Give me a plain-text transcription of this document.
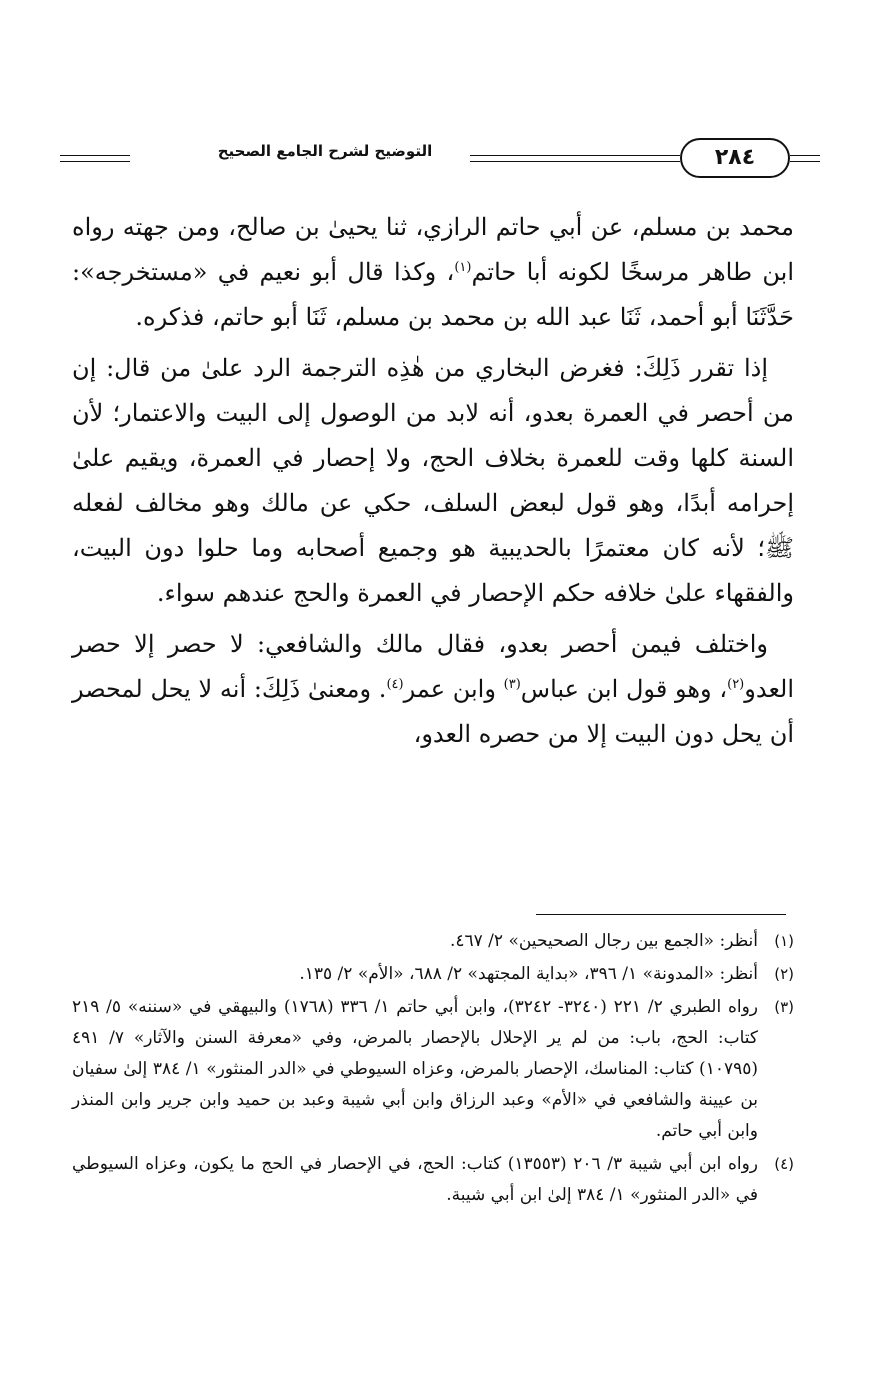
التوضيح لشرح الجامع الصحيح	٢٨٤

محمد بن مسلم، عن أبي حاتم الرازي، ثنا يحيىٰ بن صالح، ومن جهته رواه ابن طاهر مرسخًا لكونه أبا حاتم$^{(١)}$، وكذا قال أبو نعيم في «مستخرجه»: حَدَّثَنَا أبو أحمد، ثَنَا عبد الله بن محمد بن مسلم، ثَنَا أبو حاتم، فذكره.

إذا تقرر ذَلِكَ: فغرض البخاري من هٰذِه الترجمة الرد علىٰ من قال: إن من أحصر في العمرة بعدو، أنه لابد من الوصول إلى البيت والاعتمار؛ لأن السنة كلها وقت للعمرة بخلاف الحج، ولا إحصار في العمرة، ويقيم علىٰ إحرامه أبدًا، وهو قول لبعض السلف، حكي عن مالك وهو مخالف لفعله ﷺ؛ لأنه كان معتمرًا بالحديبية هو وجميع أصحابه وما حلوا دون البيت، والفقهاء علىٰ خلافه حكم الإحصار في العمرة والحج عندهم سواء.

واختلف فيمن أحصر بعدو، فقال مالك والشافعي: لا حصر إلا حصر العدو$^{(٢)}$، وهو قول ابن عباس$^{(٣)}$ وابن عمر$^{(٤)}$. ومعنىٰ ذَلِكَ: أنه لا يحل لمحصر أن يحل دون البيت إلا من حصره العدو،

(١)
أنظر: «الجمع بين رجال الصحيحين» ٢/ ٤٦٧.
(٢)
أنظر: «المدونة» ١/ ٣٩٦، «بداية المجتهد» ٢/ ٦٨٨، «الأم» ٢/ ١٣٥.
(٣)
رواه الطبري ٢/ ٢٢١ (٣٢٤٠- ٣٢٤٢)، وابن أبي حاتم ١/ ٣٣٦ (١٧٦٨) والبيهقي في «سننه» ٥/ ٢١٩ كتاب: الحج، باب: من لم ير الإحلال بالإحصار بالمرض، وفي «معرفة السنن والآثار» ٧/ ٤٩١ (١٠٧٩٥) كتاب: المناسك، الإحصار بالمرض، وعزاه السيوطي في «الدر المنثور» ١/ ٣٨٤ إلىٰ سفيان بن عيينة والشافعي في «الأم» وعبد الرزاق وابن أبي شيبة وعبد بن حميد وابن جرير وابن المنذر وابن أبي حاتم.
(٤)
رواه ابن أبي شيبة ٣/ ٢٠٦ (١٣٥٥٣) كتاب: الحج، في الإحصار في الحج ما يكون، وعزاه السيوطي في «الدر المنثور» ١/ ٣٨٤ إلىٰ ابن أبي شيبة.
